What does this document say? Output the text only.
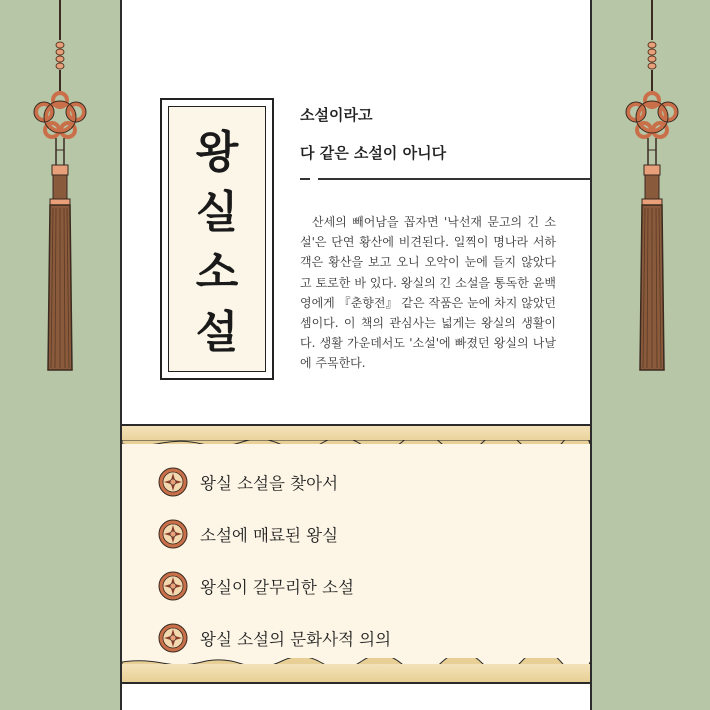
왕
실
소
설
소설이라고
다 같은 소설이 아니다

산세의 빼어남을 꼽자면 '낙선재 문고의 긴 소설'은 단연 황산에 비견된다. 일찍이 명나라 서하객은 황산을 보고 오니 오악이 눈에 들지 않았다고 토로한 바 있다. 왕실의 긴 소설을 통독한 윤백영에게 『춘향전』 같은 작품은 눈에 차지 않았던 셈이다. 이 책의 관심사는 넓게는 왕실의 생활이다. 생활 가운데서도 '소설'에 빠졌던 왕실의 나날에 주목한다.

왕실 소설을 찾아서
소설에 매료된 왕실
왕실이 갈무리한 소설
왕실 소설의 문화사적 의의
